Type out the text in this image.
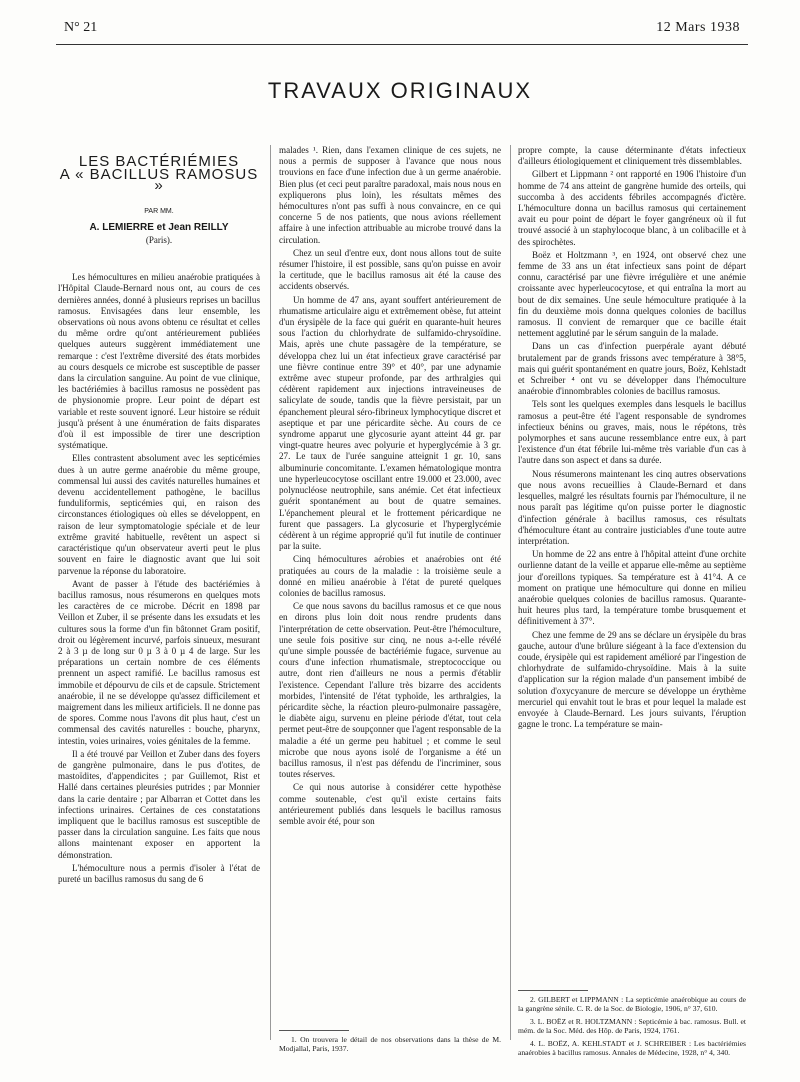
N° 21	12 Mars 1938
TRAVAUX ORIGINAUX
LES BACTÉRIÉMIES
A « BACILLUS RAMOSUS »
PAR MM.
A. LEMIERRE et Jean REILLY
(Paris).

Les hémocultures en milieu anaérobie pratiquées à l'Hôpital Claude-Bernard nous ont, au cours de ces dernières années, donné à plusieurs reprises un bacillus ramosus. Envisagées dans leur ensemble, les observations où nous avons obtenu ce résultat et celles du même ordre qu'ont antérieurement publiées quelques auteurs suggèrent immédiatement une remarque : c'est l'extrême diversité des états morbides au cours desquels ce microbe est susceptible de passer dans la circulation sanguine. Au point de vue clinique, les bactériémies à bacillus ramosus ne possèdent pas de physionomie propre. Leur point de départ est variable et reste souvent ignoré. Leur histoire se réduit jusqu'à présent à une énumération de faits disparates d'où il est impossible de tirer une description systématique.

Elles contrastent absolument avec les septicémies dues à un autre germe anaérobie du même groupe, commensal lui aussi des cavités naturelles humaines et devenu accidentellement pathogène, le bacillus funduliformis, septicémies qui, en raison des circonstances étiologiques où elles se développent, en raison de leur symptomatologie spéciale et de leur extrême gravité habituelle, revêtent un aspect si caractéristique qu'un observateur averti peut le plus souvent en faire le diagnostic avant que lui soit parvenue la réponse du laboratoire.

Avant de passer à l'étude des bactériémies à bacillus ramosus, nous résumerons en quelques mots les caractères de ce microbe. Décrit en 1898 par Veillon et Zuber, il se présente dans les exsudats et les cultures sous la forme d'un fin bâtonnet Gram positif, droit ou légèrement incurvé, parfois sinueux, mesurant 2 à 3 µ de long sur 0 µ 3 à 0 µ 4 de large. Sur les préparations un certain nombre de ces éléments prennent un aspect ramifié. Le bacillus ramosus est immobile et dépourvu de cils et de capsule. Strictement anaérobie, il ne se développe qu'assez difficilement et maigrement dans les milieux artificiels. Il ne donne pas de spores. Comme nous l'avons dit plus haut, c'est un commensal des cavités naturelles : bouche, pharynx, intestin, voies urinaires, voies génitales de la femme.

Il a été trouvé par Veillon et Zuber dans des foyers de gangrène pulmonaire, dans le pus d'otites, de mastoïdites, d'appendicites ; par Guillemot, Rist et Hallé dans certaines pleurésies putrides ; par Monnier dans la carie dentaire ; par Albarran et Cottet dans les infections urinaires. Certaines de ces constatations impliquent que le bacillus ramosus est susceptible de passer dans la circulation sanguine. Les faits que nous allons maintenant exposer en apportent la démonstration.

L'hémoculture nous a permis d'isoler à l'état de pureté un bacillus ramosus du sang de 6

malades ¹. Rien, dans l'examen clinique de ces sujets, ne nous a permis de supposer à l'avance que nous nous trouvions en face d'une infection due à un germe anaérobie. Bien plus (et ceci peut paraître paradoxal, mais nous nous en expliquerons plus loin), les résultats mêmes des hémocultures n'ont pas suffi à nous convaincre, en ce qui concerne 5 de nos patients, que nous avions réellement affaire à une infection attribuable au microbe trouvé dans la circulation.

Chez un seul d'entre eux, dont nous allons tout de suite résumer l'histoire, il est possible, sans qu'on puisse en avoir la certitude, que le bacillus ramosus ait été la cause des accidents observés.

Un homme de 47 ans, ayant souffert antérieurement de rhumatisme articulaire aigu et extrêmement obèse, fut atteint d'un érysipèle de la face qui guérit en quarante-huit heures sous l'action du chlorhydrate de sulfamido-chrysoïdine. Mais, après une chute passagère de la température, se développa chez lui un état infectieux grave caractérisé par une fièvre continue entre 39° et 40°, par une adynamie extrême avec stupeur profonde, par des arthralgies qui cédèrent rapidement aux injections intraveineuses de salicylate de soude, tandis que la fièvre persistait, par un épanchement pleural séro-fibrineux lymphocytique discret et aseptique et par une péricardite sèche. Au cours de ce syndrome apparut une glycosurie ayant atteint 44 gr. par vingt-quatre heures avec polyurie et hyperglycémie à 3 gr. 27. Le taux de l'urée sanguine atteignit 1 gr. 10, sans albuminurie concomitante. L'examen hématologique montra une hyperleucocytose oscillant entre 19.000 et 23.000, avec polynucléose neutrophile, sans anémie. Cet état infectieux guérit spontanément au bout de quatre semaines. L'épanchement pleural et le frottement péricardique ne furent que passagers. La glycosurie et l'hyperglycémie cédèrent à un régime approprié qu'il fut inutile de continuer par la suite.

Cinq hémocultures aérobies et anaérobies ont été pratiquées au cours de la maladie : la troisième seule a donné en milieu anaérobie à l'état de pureté quelques colonies de bacillus ramosus.

Ce que nous savons du bacillus ramosus et ce que nous en dirons plus loin doit nous rendre prudents dans l'interprétation de cette observation. Peut-être l'hémoculture, une seule fois positive sur cinq, ne nous a-t-elle révélé qu'une simple poussée de bactériémie fugace, survenue au cours d'une infection rhumatismale, streptococcique ou autre, dont rien d'ailleurs ne nous a permis d'établir l'existence. Cependant l'allure très bizarre des accidents morbides, l'intensité de l'état typhoïde, les arthralgies, la péricardite sèche, la réaction pleuro-pulmonaire passagère, le diabète aigu, survenu en pleine période d'état, tout cela permet peut-être de soupçonner que l'agent responsable de la maladie a été un germe peu habituel ; et comme le seul microbe que nous ayons isolé de l'organisme a été un bacillus ramosus, il n'est pas défendu de l'incriminer, sous toutes réserves.

Ce qui nous autorise à considérer cette hypothèse comme soutenable, c'est qu'il existe certains faits antérieurement publiés dans lesquels le bacillus ramosus semble avoir été, pour son

1. On trouvera le détail de nos observations dans la thèse de M. Modjallal, Paris, 1937.

propre compte, la cause déterminante d'états infectieux d'ailleurs étiologiquement et cliniquement très dissemblables.

Gilbert et Lippmann ² ont rapporté en 1906 l'histoire d'un homme de 74 ans atteint de gangrène humide des orteils, qui succomba à des accidents fébriles accompagnés d'ictère. L'hémoculture donna un bacillus ramosus qui certainement avait eu pour point de départ le foyer gangréneux où il fut trouvé associé à un staphylocoque blanc, à un colibacille et à des spirochètes.

Boëz et Holtzmann ³, en 1924, ont observé chez une femme de 33 ans un état infectieux sans point de départ connu, caractérisé par une fièvre irrégulière et une anémie croissante avec hyperleucocytose, et qui entraîna la mort au bout de dix semaines. Une seule hémoculture pratiquée à la fin du deuxième mois donna quelques colonies de bacillus ramosus. Il convient de remarquer que ce bacille était nettement agglutiné par le sérum sanguin de la malade.

Dans un cas d'infection puerpérale ayant débuté brutalement par de grands frissons avec température à 38°5, mais qui guérit spontanément en quatre jours, Boëz, Kehlstadt et Schreiber ⁴ ont vu se développer dans l'hémoculture anaérobie d'innombrables colonies de bacillus ramosus.

Tels sont les quelques exemples dans lesquels le bacillus ramosus a peut-être été l'agent responsable de syndromes infectieux bénins ou graves, mais, nous le répétons, très polymorphes et sans aucune ressemblance entre eux, à part l'existence d'un état fébrile lui-même très variable d'un cas à l'autre dans son aspect et dans sa durée.

Nous résumerons maintenant les cinq autres observations que nous avons recueillies à Claude-Bernard et dans lesquelles, malgré les résultats fournis par l'hémoculture, il ne nous paraît pas légitime qu'on puisse porter le diagnostic d'infection générale à bacillus ramosus, ces résultats d'hémoculture étant au contraire justiciables d'une toute autre interprétation.

Un homme de 22 ans entre à l'hôpital atteint d'une orchite ourlienne datant de la veille et apparue elle-même au septième jour d'oreillons typiques. Sa température est à 41°4. A ce moment on pratique une hémoculture qui donne en milieu anaérobie quelques colonies de bacillus ramosus. Quarante-huit heures plus tard, la température tombe brusquement et définitivement à 37°.

Chez une femme de 29 ans se déclare un érysipèle du bras gauche, autour d'une brûlure siégeant à la face d'extension du coude, érysipèle qui est rapidement amélioré par l'ingestion de chlorhydrate de sulfamido-chrysoïdine. Mais à la suite d'application sur la région malade d'un pansement imbibé de solution d'oxycyanure de mercure se développe un érythème mercuriel qui envahit tout le bras et pour lequel la malade est envoyée à Claude-Bernard. Les jours suivants, l'éruption gagne le tronc. La température se main-

2. GILBERT et LIPPMANN : La septicémie anaérobique au cours de la gangrène sénile. C. R. de la Soc. de Biologie, 1906, n° 37, 610.

3. L. BOËZ et R. HOLTZMANN : Septicémie à bac. ramosus. Bull. et mém. de la Soc. Méd. des Hôp. de Paris, 1924, 1761.

4. L. BOËZ, A. KEHLSTADT et J. SCHREIBER : Les bactériémies anaérobies à bacillus ramosus. Annales de Médecine, 1928, n° 4, 340.
